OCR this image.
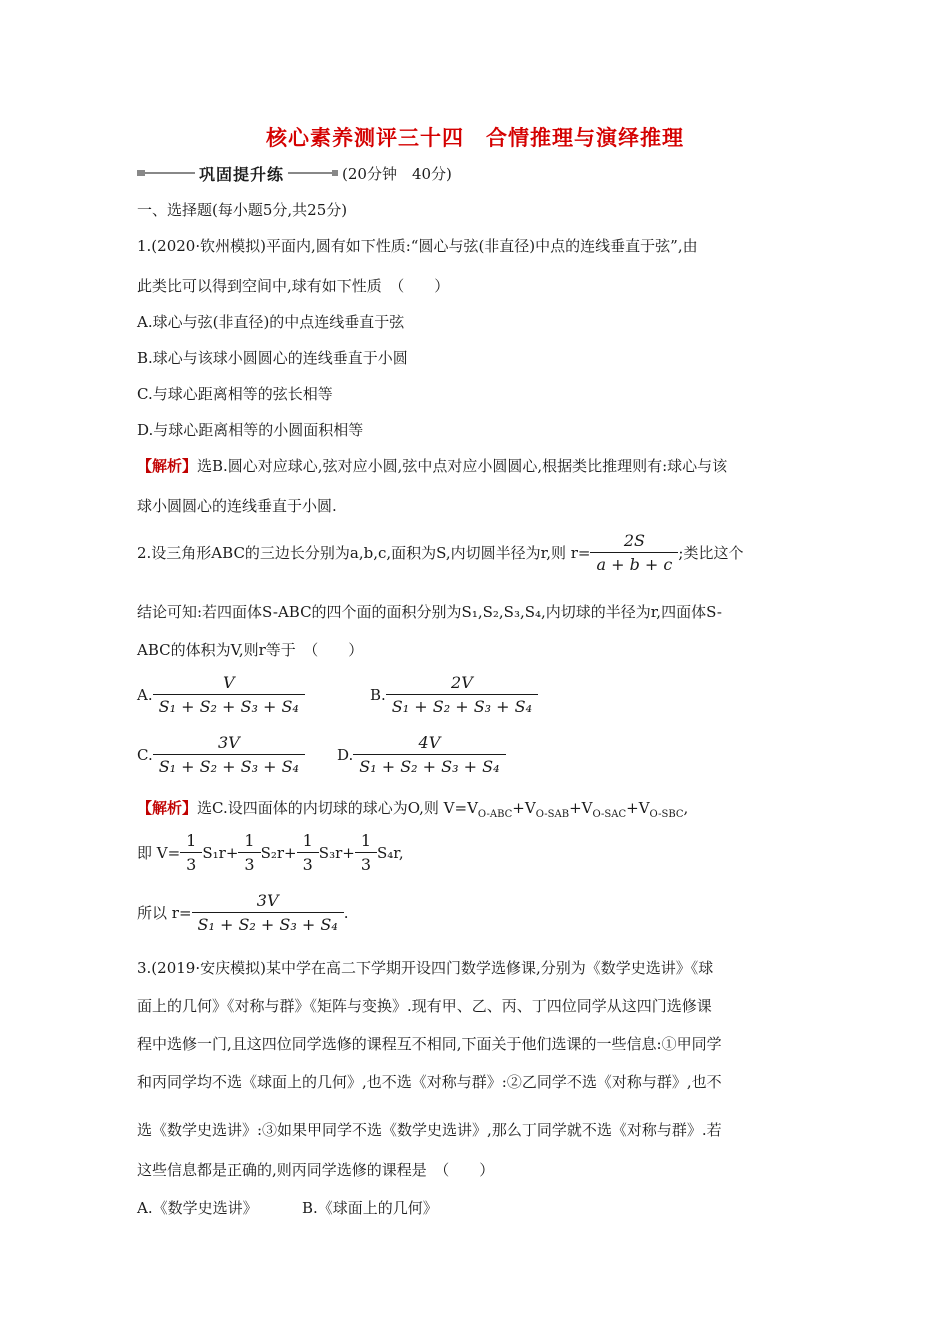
核心素养测评三十四　合情推理与演绎推理
巩固提升练	(20分钟　40分)
一、选择题(每小题5分,共25分)
1.(2020·钦州模拟)平面内,圆有如下性质:“圆心与弦(非直径)中点的连线垂直于弦”,由
此类比可以得到空间中,球有如下性质　（　　）
A.球心与弦(非直径)的中点连线垂直于弦
B.球心与该球小圆圆心的连线垂直于小圆
C.与球心距离相等的弦长相等
D.与球心距离相等的小圆面积相等
【解析】选B.圆心对应球心,弦对应小圆,弦中点对应小圆圆心,根据类比推理则有:球心与该
球小圆圆心的连线垂直于小圆.
2.设三角形ABC的三边长分别为a,b,c,面积为S,内切圆半径为r,则 $r= \frac{2S}{a + b + c}$ ;类比这个
结论可知:若四面体S-ABC的四个面的面积分别为S₁,S₂,S₃,S₄,内切球的半径为r,四面体S-
ABC的体积为V,则r等于　（　　）
A. $\frac{V}{\text{S₁ + S₂ + S₃ + S₄}}$	B. $\frac{2V}{\text{S₁ + S₂ + S₃ + S₄}}$
C. $\frac{3V}{\text{S₁ + S₂ + S₃ + S₄}} D$. $\frac{4V}{\text{S₁ + S₂ + S₃ + S₄}}$
【解析】选C.设四面体的内切球的球心为O,则 $V=V_{O-ABC}+V_{O-SAB}+V_{O-SAC}+V_{O-SBC}$,
即 $V= \frac{1}{3} S_1r+ \frac{1}{3} S_2r+ \frac{1}{3} S_3r+ \frac{1}{3} S_4r$,
所以 $r= \frac{3V}{\text{S₁ + S₂ + S₃ + S₄}}$ .
3.(2019·安庆模拟)某中学在高二下学期开设四门数学选修课,分别为《数学史选讲》《球
面上的几何》《对称与群》《矩阵与变换》.现有甲、乙、丙、丁四位同学从这四门选修课
程中选修一门,且这四位同学选修的课程互不相同,下面关于他们选课的一些信息:①甲同学
和丙同学均不选《球面上的几何》,也不选《对称与群》:②乙同学不选《对称与群》,也不
选《数学史选讲》:③如果甲同学不选《数学史选讲》,那么丁同学就不选《对称与群》.若
这些信息都是正确的,则丙同学选修的课程是　（　　）
A.《数学史选讲》	B.《球面上的几何》
